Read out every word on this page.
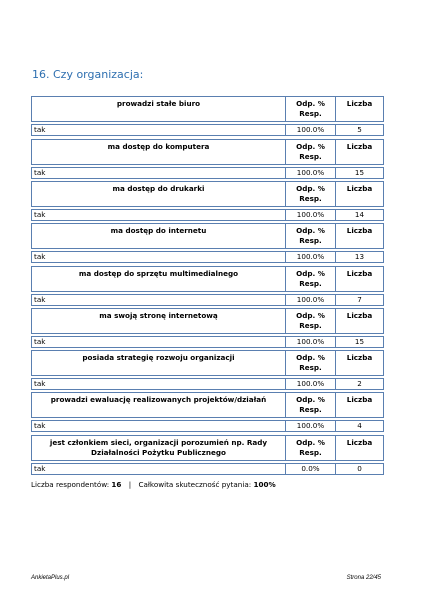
16. Czy organizacja:
prowadzi stałe biuro	Odp. % Resp.	Liczba

tak	100.0%	5
ma dostęp do komputera	Odp. % Resp.	Liczba

tak	100.0%	15
ma dostęp do drukarki	Odp. % Resp.	Liczba

tak	100.0%	14
ma dostęp do internetu	Odp. % Resp.	Liczba

tak	100.0%	13
ma dostęp do sprzętu multimedialnego	Odp. % Resp.	Liczba

tak	100.0%	7
ma swoją stronę internetową	Odp. % Resp.	Liczba

tak	100.0%	15
posiada strategię rozwoju organizacji	Odp. % Resp.	Liczba

tak	100.0%	2
prowadzi ewaluację realizowanych projektów/działań	Odp. % Resp.	Liczba

tak	100.0%	4
jest członkiem sieci, organizacji porozumień np. Rady Działalności Pożytku Publicznego	Odp. % Resp.	Liczba

tak	0.0%	0
Liczba respondentów: 16 | Całkowita skuteczność pytania: 100%
AnkietaPlus.pl	Strona 22/45
